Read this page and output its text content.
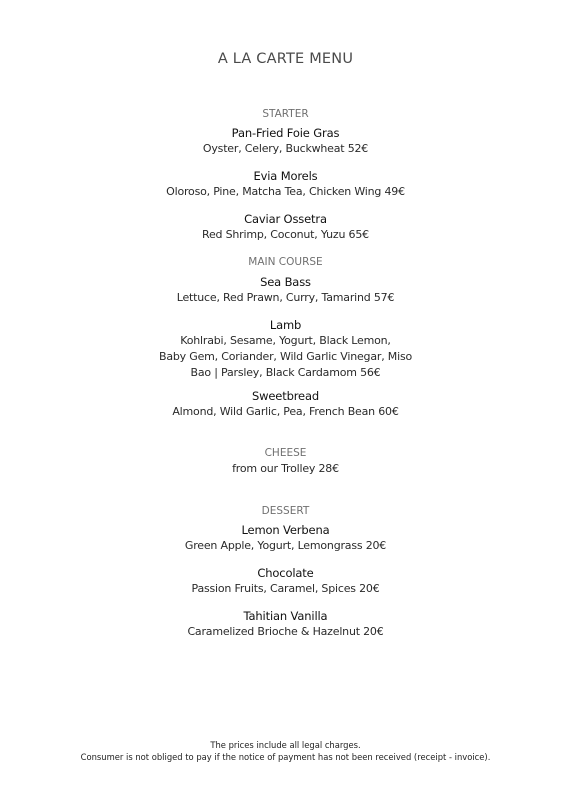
A LA CARTE MENU
STARTER
Pan-Fried Foie Gras
Oyster, Celery, Buckwheat 52€
Evia Morels
Oloroso, Pine, Matcha Tea, Chicken Wing 49€
Caviar Ossetra
Red Shrimp, Coconut, Yuzu 65€
MAIN COURSE
Sea Bass
Lettuce, Red Prawn, Curry, Tamarind 57€
Lamb
Kohlrabi, Sesame, Yogurt, Black Lemon,
Baby Gem, Coriander, Wild Garlic Vinegar, Miso
Bao | Parsley, Black Cardamom 56€
Sweetbread
Almond, Wild Garlic, Pea, French Bean 60€
CHEESE
from our Trolley 28€
DESSERT
Lemon Verbena
Green Apple, Yogurt, Lemongrass 20€
Chocolate
Passion Fruits, Caramel, Spices 20€
Tahitian Vanilla
Caramelized Brioche & Hazelnut 20€
The prices include all legal charges.
Consumer is not obliged to pay if the notice of payment has not been received (receipt - invoice).
